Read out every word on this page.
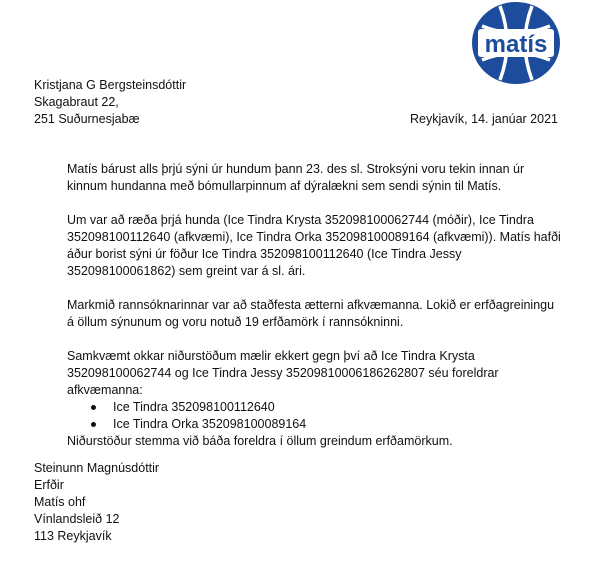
matís
Kristjana G Bergsteinsdóttir
Skagabraut 22,
251 Suðurnesjabæ	Reykjavík, 14. janúar 2021

Matís bárust alls þrjú sýni úr hundum þann 23. des sl. Stroksýni voru tekin innan úr
kinnum hundanna með bómullarpinnum af dýralækni sem sendi sýnin til Matís.

Um var að ræða þrjá hunda (Ice Tindra Krysta 352098100062744 (móðir), Ice Tindra
352098100112640 (afkvæmi), Ice Tindra Orka 352098100089164 (afkvæmi)). Matís hafði
áður borist sýni úr föður Ice Tindra 352098100112640 (Ice Tindra Jessy
352098100061862) sem greint var á sl. ári.

Markmið rannsóknarinnar var að staðfesta ætterni afkvæmanna. Lokið er erfðagreiningu
á öllum sýnunum og voru notuð 19 erfðamörk í rannsókninni.

Samkvæmt okkar niðurstöðum mælir ekkert gegn því að Ice Tindra Krysta
352098100062744 og Ice Tindra Jessy 35209810006186262807 séu foreldrar
afkvæmanna:
Ice Tindra 352098100112640
Ice Tindra Orka 352098100089164
Niðurstöður stemma við báða foreldra í öllum greindum erfðamörkum.
Steinunn Magnúsdóttir
Erfðir
Matís ohf
Vínlandsleið 12
113 Reykjavík
